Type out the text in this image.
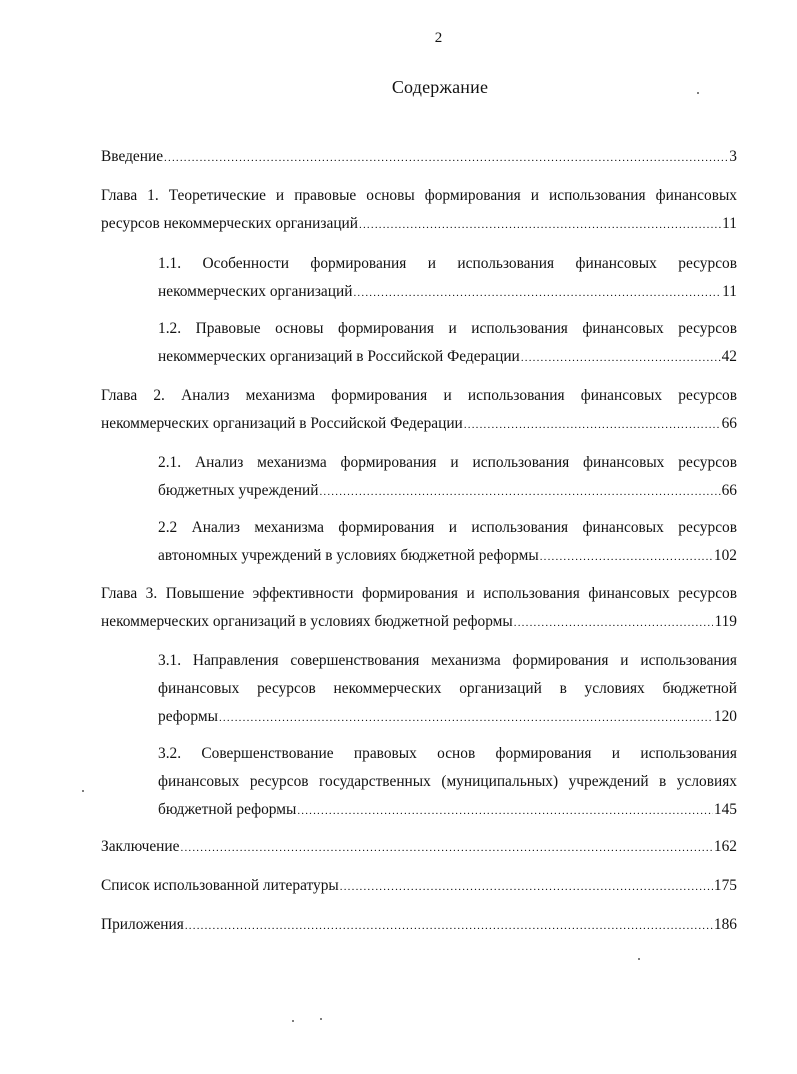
2
Содержание
Введение .....	3
Глава 1. Теоретические и правовые основы формирования и использования финансовых
ресурсов некоммерческих организаций .....	11
1.1. Особенности формирования и использования финансовых ресурсов
некоммерческих организаций .....	11
1.2. Правовые основы формирования и использования финансовых ресурсов
некоммерческих организаций в Российской Федерации .....	42
Глава 2. Анализ механизма формирования и использования финансовых ресурсов
некоммерческих организаций в Российской Федерации .....	66
2.1. Анализ механизма формирования и использования финансовых ресурсов
бюджетных учреждений .....	66
2.2 Анализ механизма формирования и использования финансовых ресурсов
автономных учреждений в условиях бюджетной реформы .....	102
Глава 3. Повышение эффективности формирования и использования финансовых ресурсов
некоммерческих организаций в условиях бюджетной реформы .....	119
3.1. Направления совершенствования механизма формирования и использования
финансовых ресурсов некоммерческих организаций в условиях бюджетной
реформы .....	120
3.2. Совершенствование правовых основ формирования и использования
финансовых ресурсов государственных (муниципальных) учреждений в условиях
бюджетной реформы .....	145
Заключение .....	162
Список использованной литературы .....	175
Приложения .....	186
